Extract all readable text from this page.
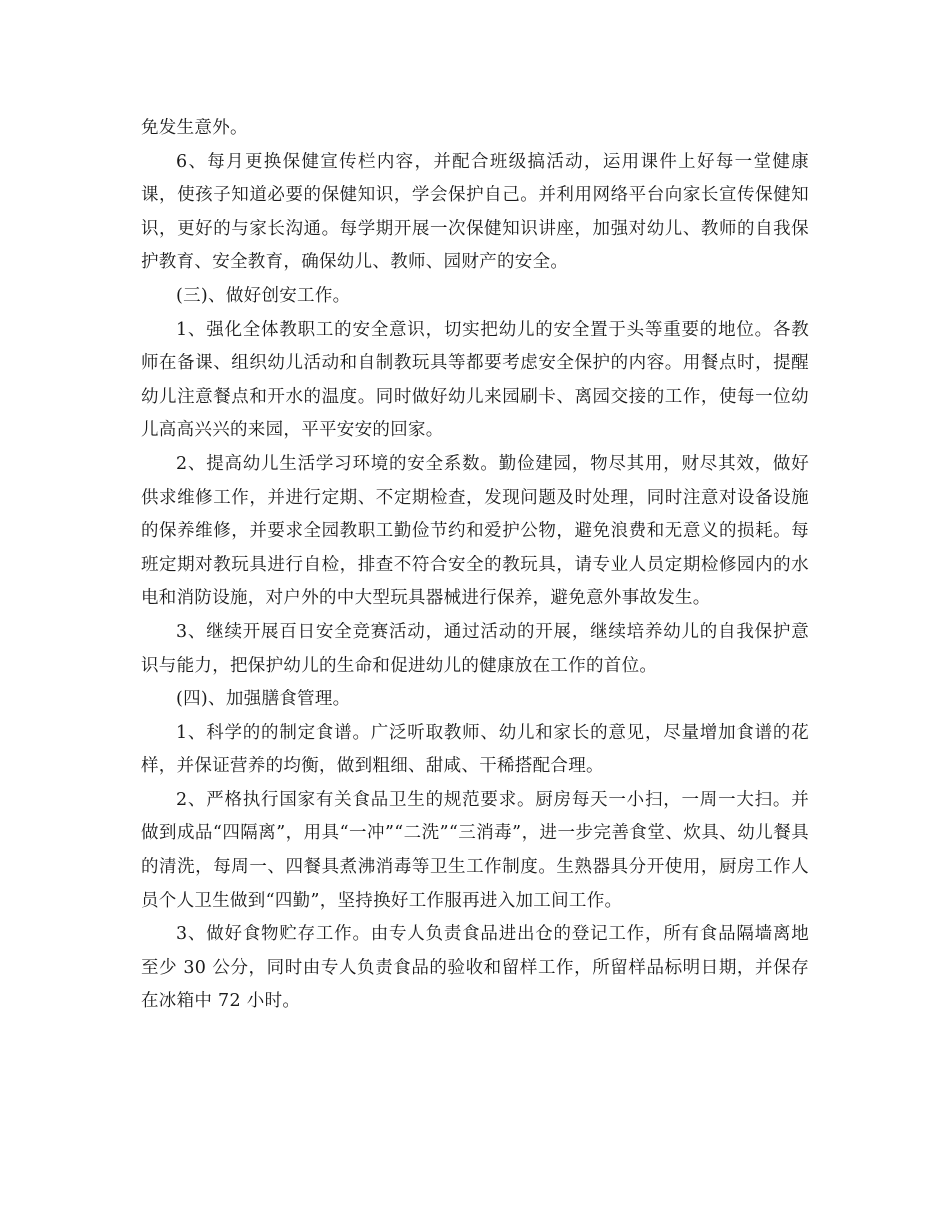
免发生意外。

6、每月更换保健宣传栏内容，并配合班级搞活动，运用课件上好每一堂健康课，使孩子知道必要的保健知识，学会保护自己。并利用网络平台向家长宣传保健知识，更好的与家长沟通。每学期开展一次保健知识讲座，加强对幼儿、教师的自我保护教育、安全教育，确保幼儿、教师、园财产的安全。

(三)、做好创安工作。

1、强化全体教职工的安全意识，切实把幼儿的安全置于头等重要的地位。各教师在备课、组织幼儿活动和自制教玩具等都要考虑安全保护的内容。用餐点时，提醒幼儿注意餐点和开水的温度。同时做好幼儿来园刷卡、离园交接的工作，使每一位幼儿高高兴兴的来园，平平安安的回家。

2、提高幼儿生活学习环境的安全系数。勤俭建园，物尽其用，财尽其效，做好供求维修工作，并进行定期、不定期检查，发现问题及时处理，同时注意对设备设施的保养维修，并要求全园教职工勤俭节约和爱护公物，避免浪费和无意义的损耗。每班定期对教玩具进行自检，排查不符合安全的教玩具，请专业人员定期检修园内的水电和消防设施，对户外的中大型玩具器械进行保养，避免意外事故发生。

3、继续开展百日安全竞赛活动，通过活动的开展，继续培养幼儿的自我保护意识与能力，把保护幼儿的生命和促进幼儿的健康放在工作的首位。

(四)、加强膳食管理。

1、科学的的制定食谱。广泛听取教师、幼儿和家长的意见，尽量增加食谱的花样，并保证营养的均衡，做到粗细、甜咸、干稀搭配合理。

2、严格执行国家有关食品卫生的规范要求。厨房每天一小扫，一周一大扫。并做到成品“四隔离”，用具“一冲”“二洗”“三消毒”，进一步完善食堂、炊具、幼儿餐具的清洗，每周一、四餐具煮沸消毒等卫生工作制度。生熟器具分开使用，厨房工作人员个人卫生做到“四勤”，坚持换好工作服再进入加工间工作。

3、做好食物贮存工作。由专人负责食品进出仓的登记工作，所有食品隔墙离地至少 30 公分，同时由专人负责食品的验收和留样工作，所留样品标明日期，并保存在冰箱中 72 小时。
